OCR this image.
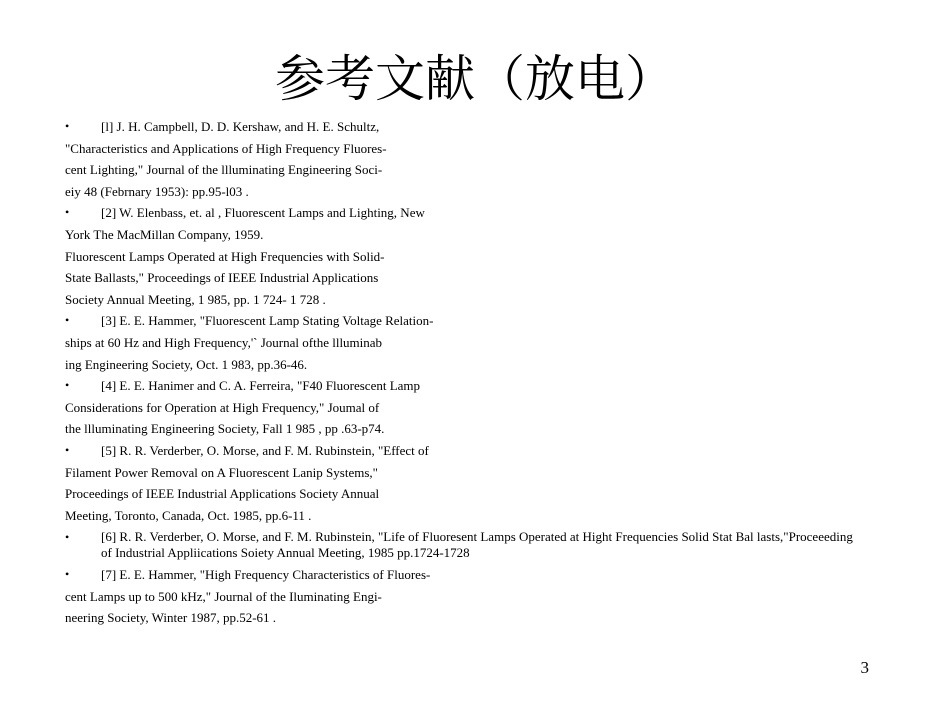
参考文献（放电）
• [l] J. H. Campbell, D. D. Kershaw, and H. E. Schultz,
"Characteristics and Applications of High Frequency Fluores-
cent Lighting," Journal of the llluminating Engineering Soci-
eiy 48 (Febrnary 1953): pp.95-l03 .
• [2] W. Elenbass, et. al , Fluorescent Lamps and Lighting, New
York The MacMillan Company, 1959.
Fluorescent Lamps Operated at High Frequencies with Solid-
State Ballasts," Proceedings of IEEE Industrial Applications
Society Annual Meeting, 1 985, pp. 1 724- 1 728 .
• [3] E. E. Hammer, "Fluorescent Lamp Stating Voltage Relation-
ships at 60 Hz and High Frequency,'` Journal ofthe llluminab
ing Engineering Society, Oct. 1 983, pp.36-46.
• [4] E. E. Hanimer and C. A. Ferreira, "F40 Fluorescent Lamp
Considerations for Operation at High Frequency," Joumal of
the llluminating Engineering Society, Fall 1 985 , pp .63-p74.
• [5] R. R. Verderber, O. Morse, and F. M. Rubinstein, "Effect of
Filament Power Removal on A Fluorescent Lanip Systems,"
Proceedings of IEEE Industrial Applications Society Annual
Meeting, Toronto, Canada, Oct. 1985, pp.6-11 .
• [6] R. R. Verderber, O. Morse, and F. M. Rubinstein, "Life of Fluoresent Lamps Operated at Hight Frequencies Solid Stat Bal lasts,"Proceeeding of Industrial Appliications Soiety Annual Meeting, 1985 pp.1724-1728
• [7] E. E. Hammer, "High Frequency Characteristics of Fluores-
cent Lamps up to 500 kHz," Journal of the Iluminating Engi-
neering Society, Winter 1987, pp.52-61 .
3
